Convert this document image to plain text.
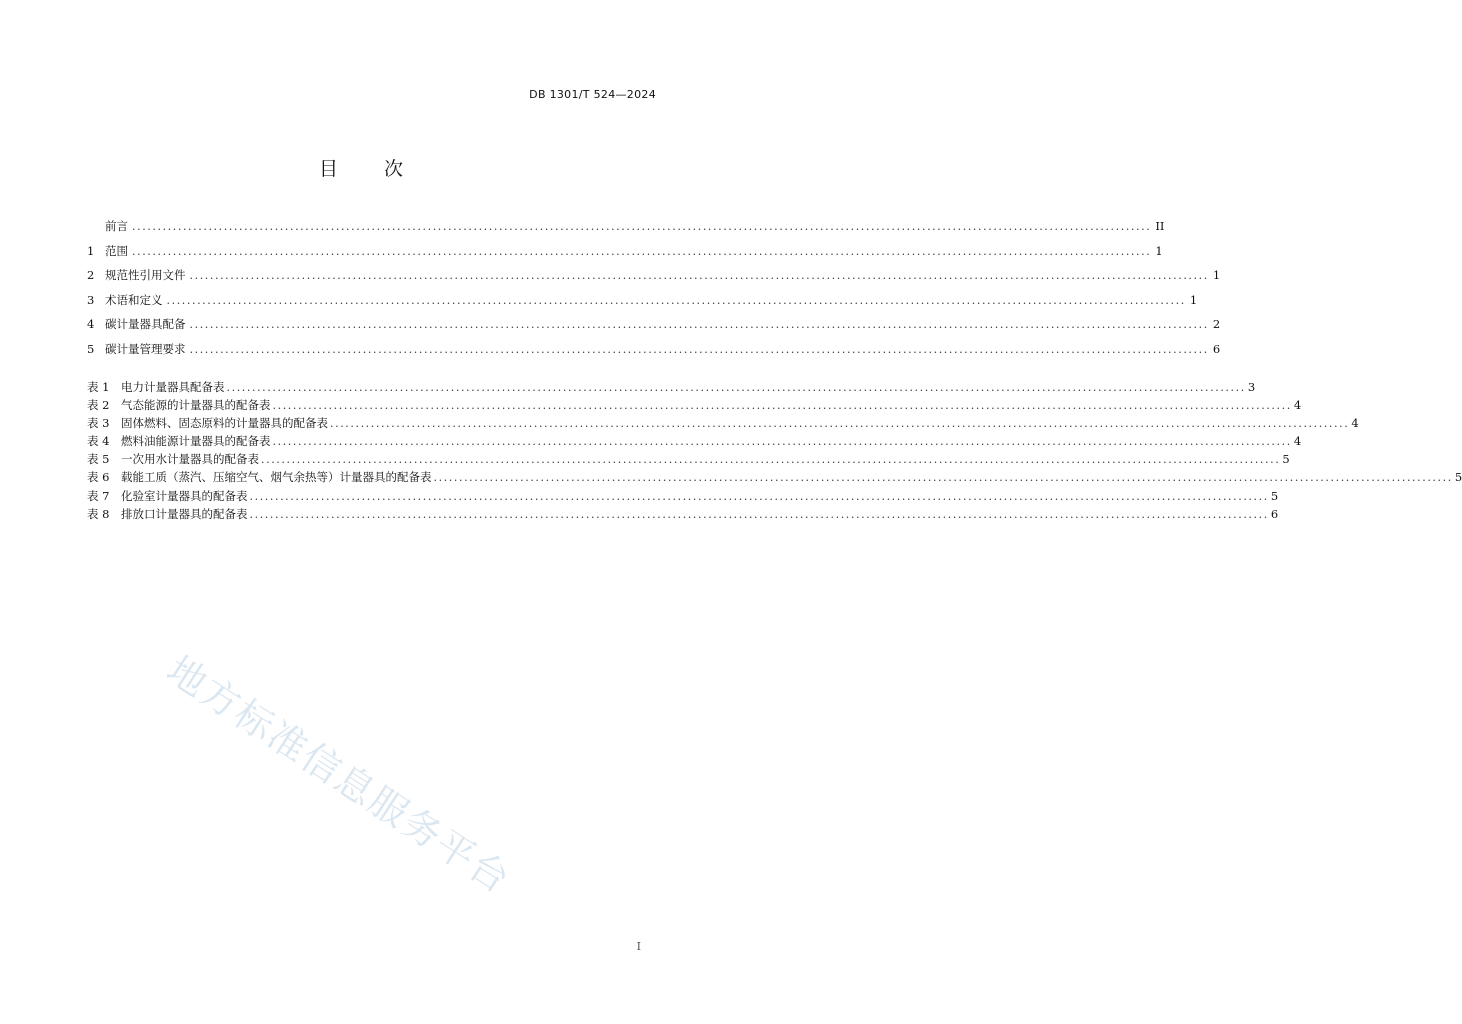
DB 1301/T 524—2024
目 次
前言 ........................................................................................................................................................................................................ II
1 范围 ........................................................................................................................................................................................................ 1
2 规范性引用文件 ........................................................................................................................................................................................................ 1
3 术语和定义 ........................................................................................................................................................................................................ 1
4 碳计量器具配备 ........................................................................................................................................................................................................ 2
5 碳计量管理要求 ........................................................................................................................................................................................................ 6
表 1	电力计量器具配备表 ........................................................................................................................................................................................................ 3
表 2	气态能源的计量器具的配备表 ........................................................................................................................................................................................................ 4
表 3	固体燃料、固态原料的计量器具的配备表 ........................................................................................................................................................................................................ 4
表 4	燃料油能源计量器具的配备表 ........................................................................................................................................................................................................ 4
表 5	一次用水计量器具的配备表 ........................................................................................................................................................................................................ 5
表 6	载能工质（蒸汽、压缩空气、烟气余热等）计量器具的配备表 ........................................................................................................................................................................................................ 5
表 7	化验室计量器具的配备表 ........................................................................................................................................................................................................ 5
表 8	排放口计量器具的配备表 ........................................................................................................................................................................................................ 6
地方标准信息服务平台
I
